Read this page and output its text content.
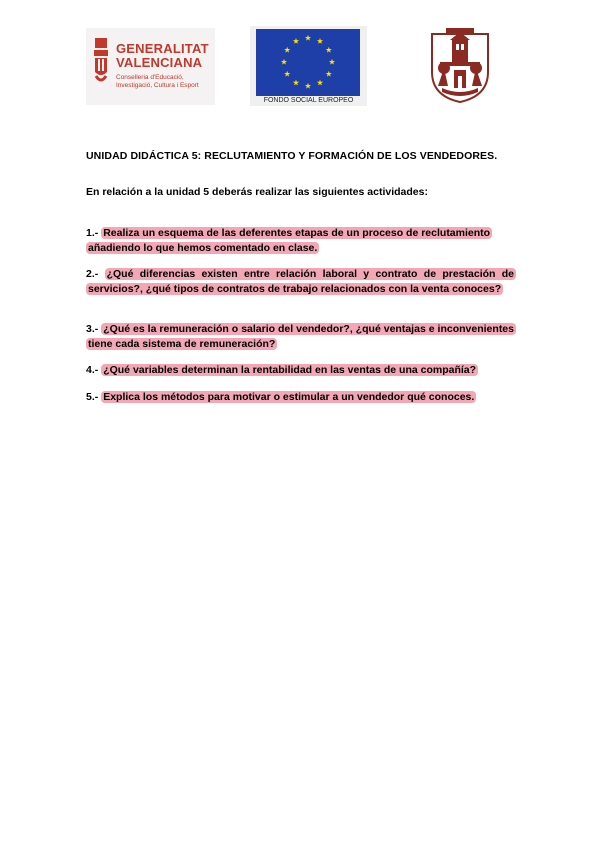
GENERALITAT
VALENCIANA
Conselleria d'Educació,
Investigació, Cultura i Esport
FONDO SOCIAL EUROPEO
UNIDAD DIDÁCTICA 5: RECLUTAMIENTO Y FORMACIÓN DE LOS VENDEDORES.
En relación a la unidad 5 deberás realizar las siguientes actividades:
1.- Realiza un esquema de las deferentes etapas de un proceso de reclutamiento añadiendo lo que hemos comentado en clase.
2.- ¿Qué diferencias existen entre relación laboral y contrato de prestación de servicios?, ¿qué tipos de contratos de trabajo relacionados con la venta conoces?
3.- ¿Qué es la remuneración o salario del vendedor?, ¿qué ventajas e inconvenientes tiene cada sistema de remuneración?
4.- ¿Qué variables determinan la rentabilidad en las ventas de una compañía?
5.- Explica los métodos para motivar o estimular a un vendedor qué conoces.
